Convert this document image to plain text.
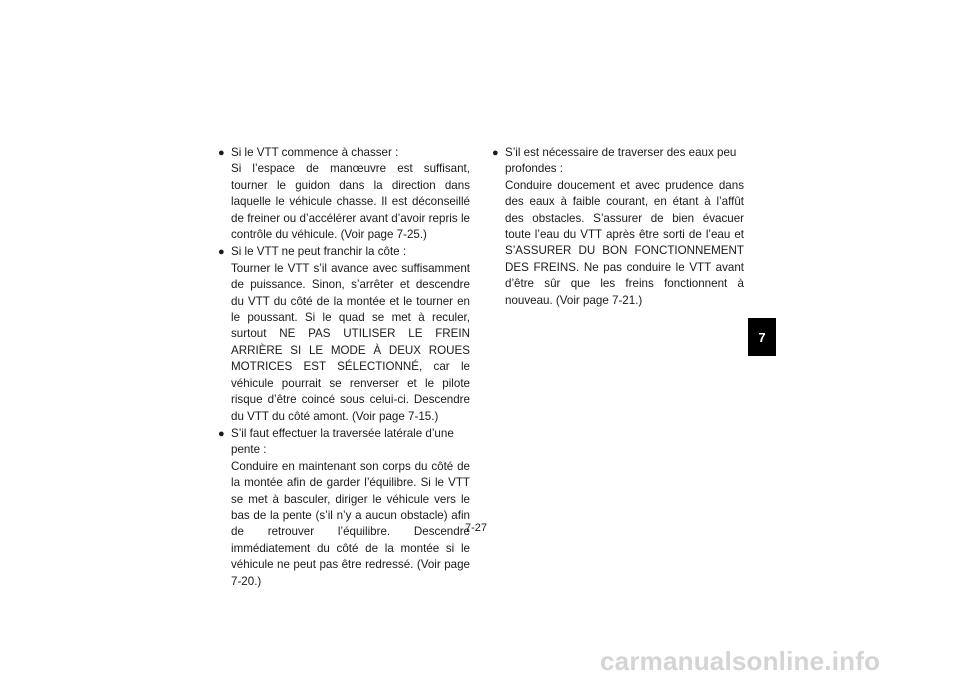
● Si le VTT commence à chasser :
Si l’espace de manœuvre est suffisant, tourner le guidon dans la direction dans laquelle le véhicule chasse. Il est déconseillé de freiner ou d’accélérer avant d’avoir repris le contrôle du véhicule. (Voir page 7-25.)
● Si le VTT ne peut franchir la côte :
Tourner le VTT s’il avance avec suffisamment de puissance. Sinon, s’arrêter et descendre du VTT du côté de la montée et le tourner en le poussant. Si le quad se met à reculer, surtout NE PAS UTILISER LE FREIN ARRIÈRE SI LE MODE À DEUX ROUES MOTRICES EST SÉLECTIONNÉ, car le véhicule pourrait se renverser et le pilote risque d’être coincé sous celui-ci. Descendre du VTT du côté amont. (Voir page 7-15.)
● S’il faut effectuer la traversée latérale d’une pente :
Conduire en maintenant son corps du côté de la montée afin de garder l’équilibre. Si le VTT se met à basculer, diriger le véhicule vers le bas de la pente (s’il n’y a aucun obstacle) afin de retrouver l’équilibre. Descendre immédiatement du côté de la montée si le véhicule ne peut pas être redressé. (Voir page 7-20.)
● S’il est nécessaire de traverser des eaux peu profondes :
Conduire doucement et avec prudence dans des eaux à faible courant, en étant à l’affût des obstacles. S’assurer de bien évacuer toute l’eau du VTT après être sorti de l’eau et S’ASSURER DU BON FONCTIONNEMENT DES FREINS. Ne pas conduire le VTT avant d’être sûr que les freins fonctionnent à nouveau. (Voir page 7-21.)
7-27
7
carmanualsonline.info
